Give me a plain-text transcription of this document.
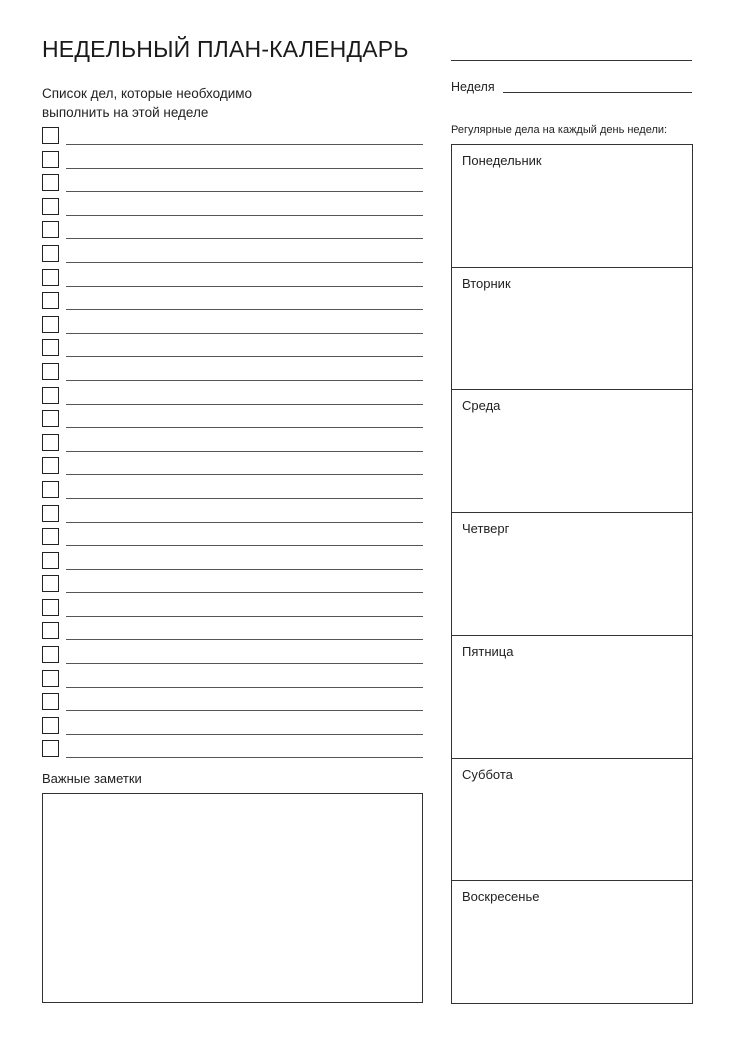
НЕДЕЛЬНЫЙ ПЛАН-КАЛЕНДАРЬ
Список дел, которые необходимо
выполнить на этой неделе
Неделя
Регулярные дела на каждый день недели:
Важные заметки
Понедельник
Вторник
Среда
Четверг
Пятница
Суббота
Воскресенье
